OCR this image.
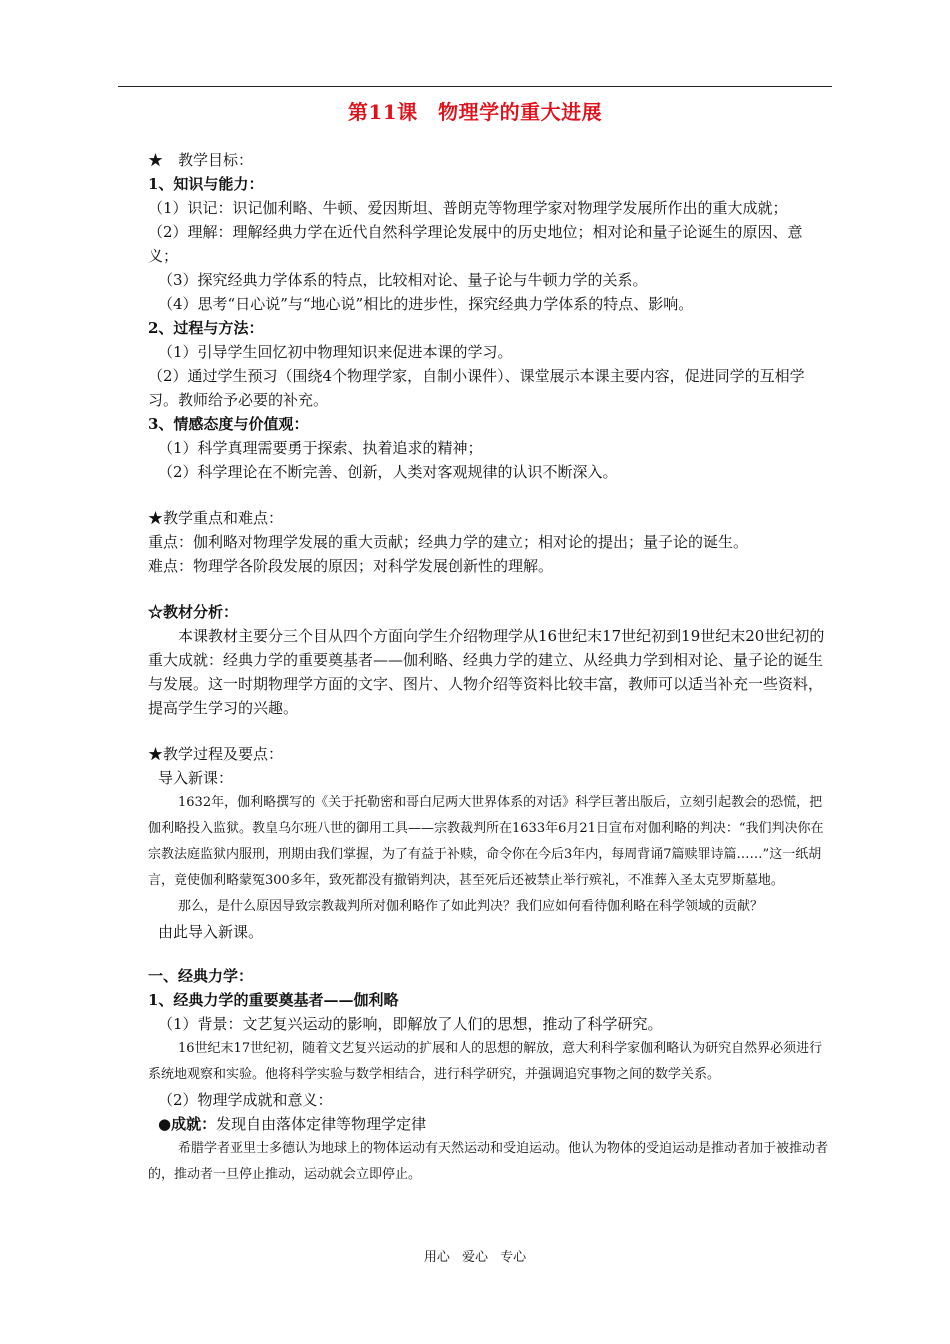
第11课　物理学的重大进展

★　教学目标：

1、知识与能力：

（1）识记：识记伽利略、牛顿、爱因斯坦、普朗克等物理学家对物理学发展所作出的重大成就；

（2）理解：理解经典力学在近代自然科学理论发展中的历史地位；相对论和量子论诞生的原因、意义；

（3）探究经典力学体系的特点，比较相对论、量子论与牛顿力学的关系。

（4）思考“日心说”与“地心说”相比的进步性，探究经典力学体系的特点、影响。

2、过程与方法：

（1）引导学生回忆初中物理知识来促进本课的学习。

（2）通过学生预习（围绕4个物理学家，自制小课件）、课堂展示本课主要内容，促进同学的互相学习。教师给予必要的补充。

3、情感态度与价值观：

（1）科学真理需要勇于探索、执着追求的精神；

（2）科学理论在不断完善、创新，人类对客观规律的认识不断深入。

★教学重点和难点：

重点：伽利略对物理学发展的重大贡献；经典力学的建立；相对论的提出；量子论的诞生。

难点：物理学各阶段发展的原因；对科学发展创新性的理解。

☆教材分析：

本课教材主要分三个目从四个方面向学生介绍物理学从16世纪末17世纪初到19世纪末20世纪初的重大成就：经典力学的重要奠基者——伽利略、经典力学的建立、从经典力学到相对论、量子论的诞生与发展。这一时期物理学方面的文字、图片、人物介绍等资料比较丰富，教师可以适当补充一些资料，提高学生学习的兴趣。

★教学过程及要点：

导入新课：

1632年，伽利略撰写的《关于托勒密和哥白尼两大世界体系的对话》科学巨著出版后，立刻引起教会的恐慌，把伽利略投入监狱。教皇乌尔班八世的御用工具——宗教裁判所在1633年6月21日宣布对伽利略的判决：“我们判决你在宗教法庭监狱内服刑，刑期由我们掌握，为了有益于补赎，命令你在今后3年内，每周背诵7篇赎罪诗篇……”这一纸胡言，竟使伽利略蒙冤300多年，致死都没有撤销判决，甚至死后还被禁止举行殡礼，不准葬入圣太克罗斯墓地。

那么，是什么原因导致宗教裁判所对伽利略作了如此判决？我们应如何看待伽利略在科学领域的贡献？

由此导入新课。

一、经典力学：

1、经典力学的重要奠基者——伽利略

（1）背景：文艺复兴运动的影响，即解放了人们的思想，推动了科学研究。

16世纪末17世纪初，随着文艺复兴运动的扩展和人的思想的解放，意大利科学家伽利略认为研究自然界必须进行系统地观察和实验。他将科学实验与数学相结合，进行科学研究，并强调追究事物之间的数学关系。

（2）物理学成就和意义：

●成就：发现自由落体定律等物理学定律

希腊学者亚里士多德认为地球上的物体运动有天然运动和受迫运动。他认为物体的受迫运动是推动者加于被推动者的，推动者一旦停止推动，运动就会立即停止。

用心 爱心 专心
